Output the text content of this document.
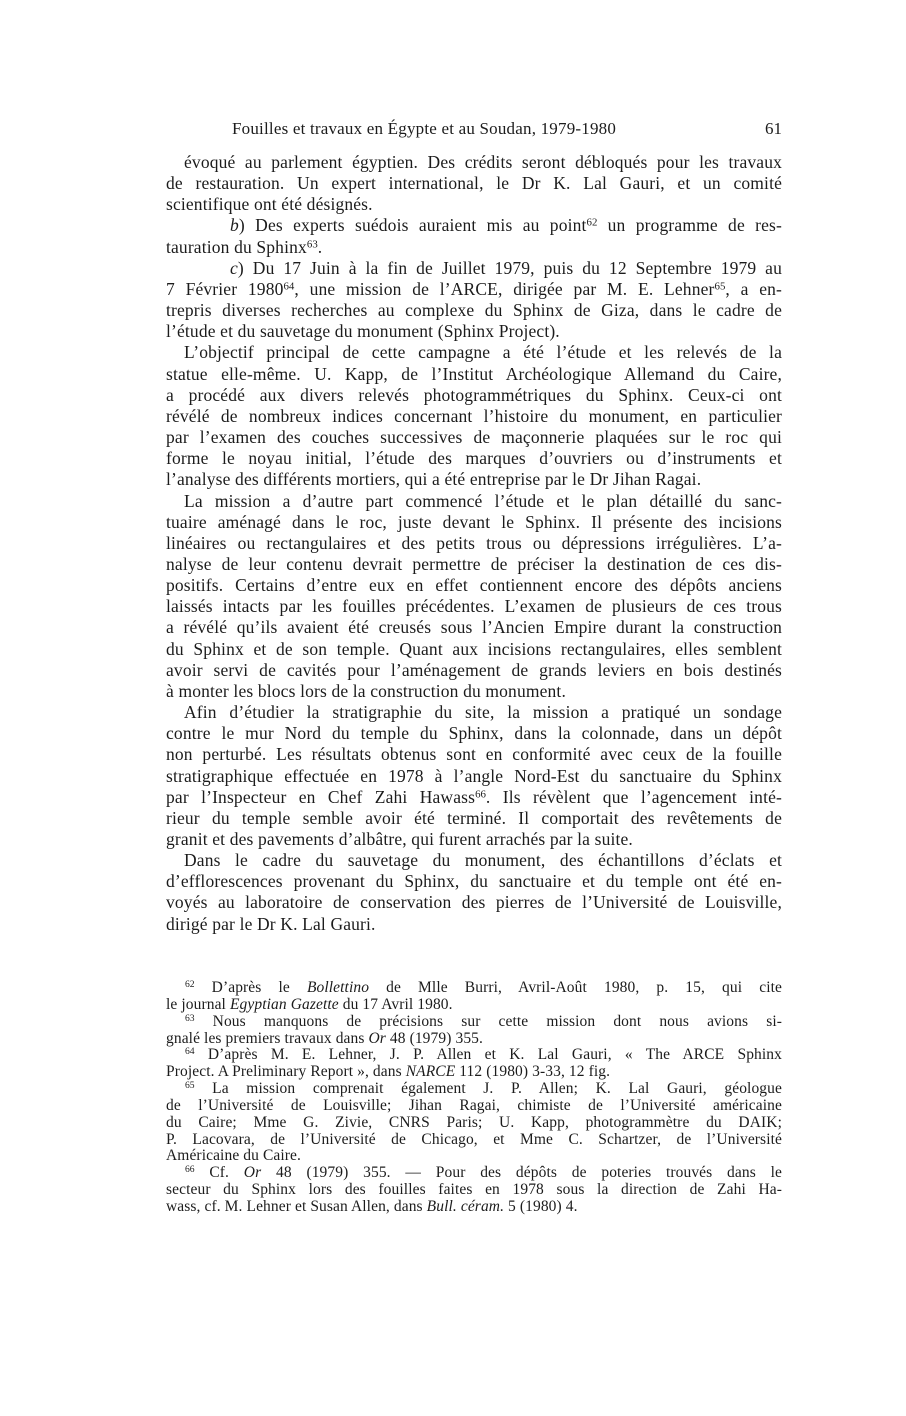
Fouilles et travaux en Égypte et au Soudan, 1979-1980	61
évoqué au parlement égyptien. Des crédits seront débloqués pour les travaux
de restauration. Un expert international, le Dr K. Lal Gauri, et un comité
scientifique ont été désignés.
b) Des experts suédois auraient mis au point$^{62}$ un programme de res-
tauration du Sphinx$^{63}$.
c) Du 17 Juin à la fin de Juillet 1979, puis du 12 Septembre 1979 au
7 Février 1980$^{64}$, une mission de l’ARCE, dirigée par M. E. Lehner$^{65}$, a en-
trepris diverses recherches au complexe du Sphinx de Giza, dans le cadre de
l’étude et du sauvetage du monument (Sphinx Project).
L’objectif principal de cette campagne a été l’étude et les relevés de la
statue elle-même. U. Kapp, de l’Institut Archéologique Allemand du Caire,
a procédé aux divers relevés photogrammétriques du Sphinx. Ceux-ci ont
révélé de nombreux indices concernant l’histoire du monument, en particulier
par l’examen des couches successives de maçonnerie plaquées sur le roc qui
forme le noyau initial, l’étude des marques d’ouvriers ou d’instruments et
l’analyse des différents mortiers, qui a été entreprise par le Dr Jihan Ragai.
La mission a d’autre part commencé l’étude et le plan détaillé du sanc-
tuaire aménagé dans le roc, juste devant le Sphinx. Il présente des incisions
linéaires ou rectangulaires et des petits trous ou dépressions irrégulières. L’a-
nalyse de leur contenu devrait permettre de préciser la destination de ces dis-
positifs. Certains d’entre eux en effet contiennent encore des dépôts anciens
laissés intacts par les fouilles précédentes. L’examen de plusieurs de ces trous
a révélé qu’ils avaient été creusés sous l’Ancien Empire durant la construction
du Sphinx et de son temple. Quant aux incisions rectangulaires, elles semblent
avoir servi de cavités pour l’aménagement de grands leviers en bois destinés
à monter les blocs lors de la construction du monument.
Afin d’étudier la stratigraphie du site, la mission a pratiqué un sondage
contre le mur Nord du temple du Sphinx, dans la colonnade, dans un dépôt
non perturbé. Les résultats obtenus sont en conformité avec ceux de la fouille
stratigraphique effectuée en 1978 à l’angle Nord-Est du sanctuaire du Sphinx
par l’Inspecteur en Chef Zahi Hawass$^{66}$. Ils révèlent que l’agencement inté-
rieur du temple semble avoir été terminé. Il comportait des revêtements de
granit et des pavements d’albâtre, qui furent arrachés par la suite.
Dans le cadre du sauvetage du monument, des échantillons d’éclats et
d’efflorescences provenant du Sphinx, du sanctuaire et du temple ont été en-
voyés au laboratoire de conservation des pierres de l’Université de Louisville,
dirigé par le Dr K. Lal Gauri.
$^{62}$ D’après le Bollettino de Mlle Burri, Avril-Août 1980, p. 15, qui cite
le journal Egyptian Gazette du 17 Avril 1980.
$^{63}$ Nous manquons de précisions sur cette mission dont nous avions si-
gnalé les premiers travaux dans Or 48 (1979) 355.
$^{64}$ D’après M. E. Lehner, J. P. Allen et K. Lal Gauri, « The ARCE Sphinx
Project. A Preliminary Report », dans NARCE 112 (1980) 3-33, 12 fig.
$^{65}$ La mission comprenait également J. P. Allen; K. Lal Gauri, géologue
de l’Université de Louisville; Jihan Ragai, chimiste de l’Université américaine
du Caire; Mme G. Zivie, CNRS Paris; U. Kapp, photogrammètre du DAIK;
P. Lacovara, de l’Université de Chicago, et Mme C. Schartzer, de l’Université
Américaine du Caire.
$^{66}$ Cf. Or 48 (1979) 355. — Pour des dépôts de poteries trouvés dans le
secteur du Sphinx lors des fouilles faites en 1978 sous la direction de Zahi Ha-
wass, cf. M. Lehner et Susan Allen, dans Bull. céram. 5 (1980) 4.
